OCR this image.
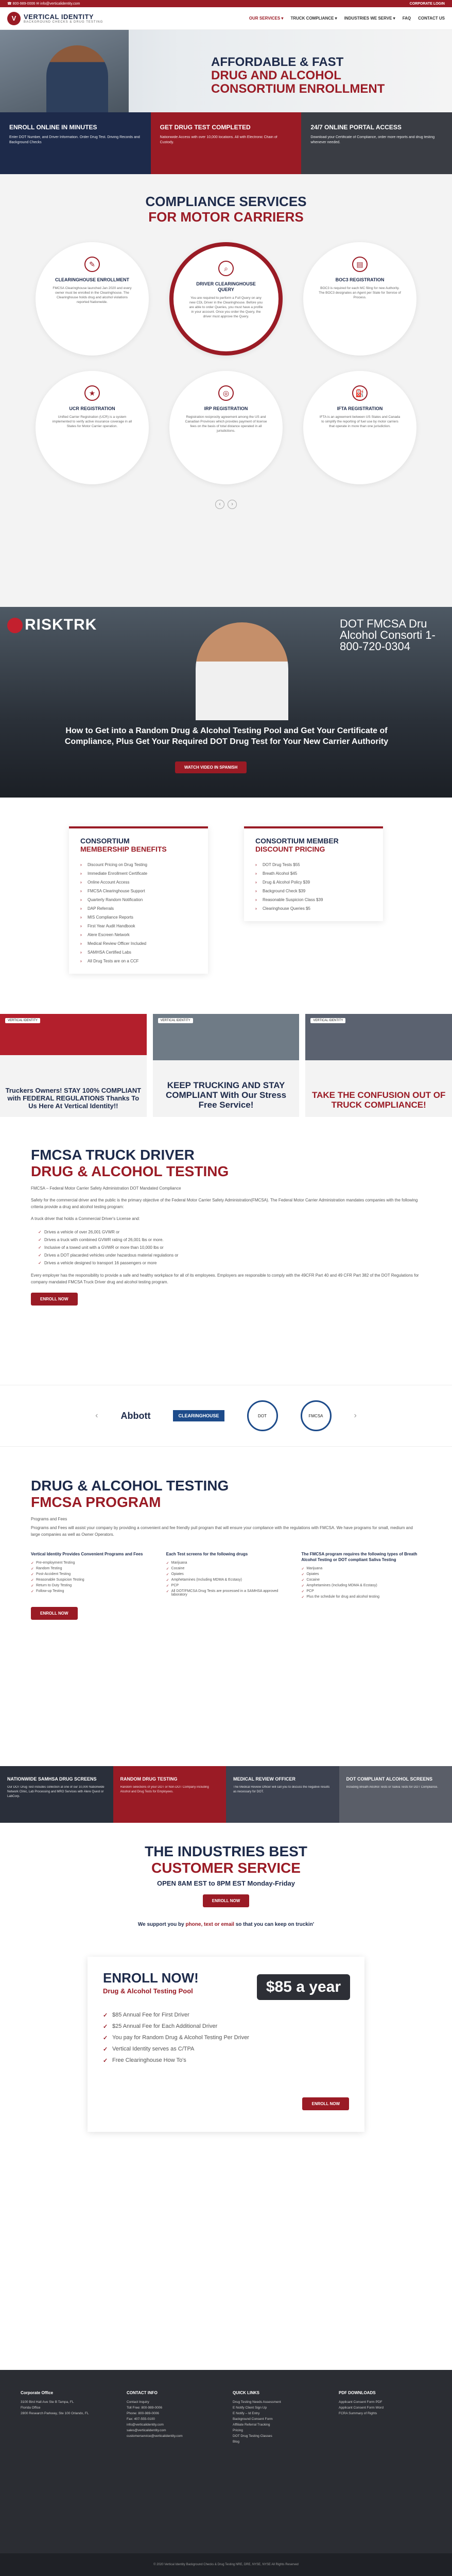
☎ 800-989-0006 ✉ info@verticalidentity.com	CORPORATE LOGIN
V	VERTICAL IDENTITY
BACKGROUND CHECKS & DRUG TESTING
OUR SERVICES ▾ TRUCK COMPLIANCE ▾ INDUSTRIES WE SERVE ▾ FAQ CONTACT US
AFFORDABLE & FAST
DRUG AND ALCOHOL
CONSORTIUM ENROLLMENT
ENROLL ONLINE IN MINUTES

Enter DOT Number, and Driver Information. Order Drug Test. Driving Records and Background Checks

GET DRUG TEST COMPLETED

Nationwide Access with over 10,000 locations. All with Electronic Chain of Custody.

24/7 ONLINE PORTAL ACCESS

Download your Certificate of Compliance, order more reports and drug testing whenever needed.

COMPLIANCE SERVICES
FOR MOTOR CARRIERS
✎
CLEARINGHOUSE ENROLLMENT

FMCSA Clearinghouse launched Jan 2020 and every owner must be enrolled in the Clearinghouse. The Clearinghouse holds drug and alcohol violations reported Nationwide.

⌕
DRIVER CLEARINGHOUSE QUERY

You are required to perform a Full Query on any new CDL Driver in the Clearinghouse. Before you are able to order Queries, you must have a profile in your account. Once you order the Query, the driver must approve the Query.

▤
BOC3 REGISTRATION

BOC3 is required for each MC filing for new Authority. The BOC3 designates an Agent per State for Service of Process.

★
UCR REGISTRATION

Unified Carrier Registration (UCR) is a system implemented to verify active insurance coverage in all States for Motor Carrier operation.

◎
IRP REGISTRATION

Registration reciprocity agreement among the US and Canadian Provinces which provides payment of license fees on the basis of total distance operated in all jurisdictions.

⛽
IFTA REGISTRATION

IFTA is an agreement between US States and Canada to simplify the reporting of fuel use by motor carriers that operate in more than one jurisdiction.

‹	›
RISKTRK	DOT FMCSA Dru Alcohol Consorti 1-800-720-0304
How to Get into a Random Drug & Alcohol Testing Pool and Get Your Certificate of Compliance, Plus Get Your Required DOT Drug Test for Your New Carrier Authority
WATCH VIDEO IN SPANISH
CONSORTIUM
MEMBERSHIP BENEFITS
› Discount Pricing on Drug Testing
› Immediate Enrollment Certificate
› Online Account Access
› FMCSA Clearinghouse Support
› Quarterly Random Notification
› DAP Referrals
› MIS Compliance Reports
› First Year Audit Handbook
› Alere Escreen Network
› Medical Review Officer Included
› SAMHSA Certified Labs
› All Drug Tests are on a CCF
CONSORTIUM MEMBER
DISCOUNT PRICING
› DOT Drug Tests $55
› Breath Alcohol $45
› Drug & Alcohol Policy $39
› Background Check $39
› Reasonable Suspicion Class $39
› Clearinghouse Queries $5
VERTICAL IDENTITY
Truckers Owners! STAY 100% COMPLIANT with FEDERAL REGULATIONS Thanks To Us Here At Vertical Identity!!
VERTICAL IDENTITY
KEEP TRUCKING AND STAY COMPLIANT With Our Stress Free Service!
VERTICAL IDENTITY
TAKE THE CONFUSION OUT OF TRUCK COMPLIANCE!
FMCSA TRUCK DRIVER
DRUG & ALCOHOL TESTING

FMCSA – Federal Motor Carrier Safety Administration DOT Mandated Compliance

Safety for the commercial driver and the public is the primary objective of the Federal Motor Carrier Safety Administration(FMCSA). The Federal Motor Carrier Administration mandates companies with the following criteria provide a drug and alcohol testing program:

A truck driver that holds a Commercial Driver's License and:

✓ Drives a vehicle of over 26,001 GVWR or
✓ Drives a truck with combined GVWR rating of 26,001 lbs or more.
✓ Inclusive of a towed unit with a GVWR or more than 10,000 lbs or
✓ Drives a DOT placarded vehicles under hazardous material regulations or
✓ Drives a vehicle designed to transport 16 passengers or more

Every employer has the responsibility to provide a safe and healthy workplace for all of its employees. Employers are responsible to comply with the 49CFR Part 40 and 49 CFR Part 382 of the DOT Regulations for company mandated FMCSA Truck Driver drug and alcohol testing program.

ENROLL NOW
‹ Abbott	CLEARINGHOUSE	DOT	FMCSA	›
DRUG & ALCOHOL TESTING
FMCSA PROGRAM
Programs and Fees

Programs and Fees will assist your company by providing a convenient and fee friendly pull program that will ensure your compliance with the regulations with FMCSA. We have programs for small, medium and large companies as well as Owner Operators.

Vertical Identity Provides Convenient Programs and Fees
✓ Pre-employment Testing
✓ Random Testing
✓ Post-Accident Testing
✓ Reasonable Suspicion Testing
✓ Return to Duty Testing
✓ Follow-up Testing
Each Test screens for the following drugs
✓ Marijuana
✓ Cocaine
✓ Opiates
✓ Amphetamines (Including MDMA & Ecstasy)
✓ PCP
✓ All DOT/FMCSA Drug Tests are processed in a SAMHSA approved laboratory
The FMCSA program requires the following types of Breath Alcohol Testing or DOT compliant Saliva Testing
✓ Marijuana
✓ Opiates
✓ Cocaine
✓ Amphetamines (Including MDMA & Ecstasy)
✓ PCP
✓ Plus the schedule for drug and alcohol testing
ENROLL NOW
NATIONWIDE SAMHSA DRUG SCREENS

Our DOT Drug Test includes collection at one of our 10,000 Nationwide Network Clinic, Lab Processing and MRO Services with Alere Quest or LabCorp.

RANDOM DRUG TESTING

Random selections of your DOT or Non-DOT Company including Alcohol and Drug Tests for Employees.

MEDICAL REVIEW OFFICER

The Medical Review Officer will call you to discuss the negative results as necessary for DOT.

DOT COMPLIANT ALCOHOL SCREENS

Including Breath Alcohol Tests or Saliva Tests for DOT Compliance.

THE INDUSTRIES BEST
CUSTOMER SERVICE
OPEN 8AM EST to 8PM EST Monday-Friday
ENROLL NOW
We support you by phone, text or email so that you can keep on truckin'
ENROLL NOW!
Drug & Alcohol Testing Pool	$85 a year
✓ $85 Annual Fee for First Driver
✓ $25 Annual Fee for Each Additional Driver
✓ You pay for Random Drug & Alcohol Testing Per Driver
✓ Vertical Identity serves as C/TPA
✓ Free Clearinghouse How To's
ENROLL NOW
Corporate Office

3100 Bird Hall Ave Ste B Tampa, FL

Florida Office

2800 Research Parkway, Ste 100 Orlando, FL

CONTACT INFO

Contact Inquiry

Toll Free: 800-989-0006

Phone: 800-989-0006

Fax: 407-555-0100

info@verticalidentity.com

sales@verticalidentity.com

customerservice@verticalidentity.com

QUICK LINKS

Drug Testing Needs Assessment

E Notify Client Sign Up

E Notify – Id Entry

Background Consent Form

Affiliate Referral Tracking

Pricing

DOT Drug Testing Classes

Blog

PDF DOWNLOADS

Applicant Consent Form PDF

Applicant Consent Form Word

FCRA Summary of Rights

© 2020 Vertical Identity Background Checks & Drug Testing NRE, DRE, NYSE, NYSE All Rights Reserved
